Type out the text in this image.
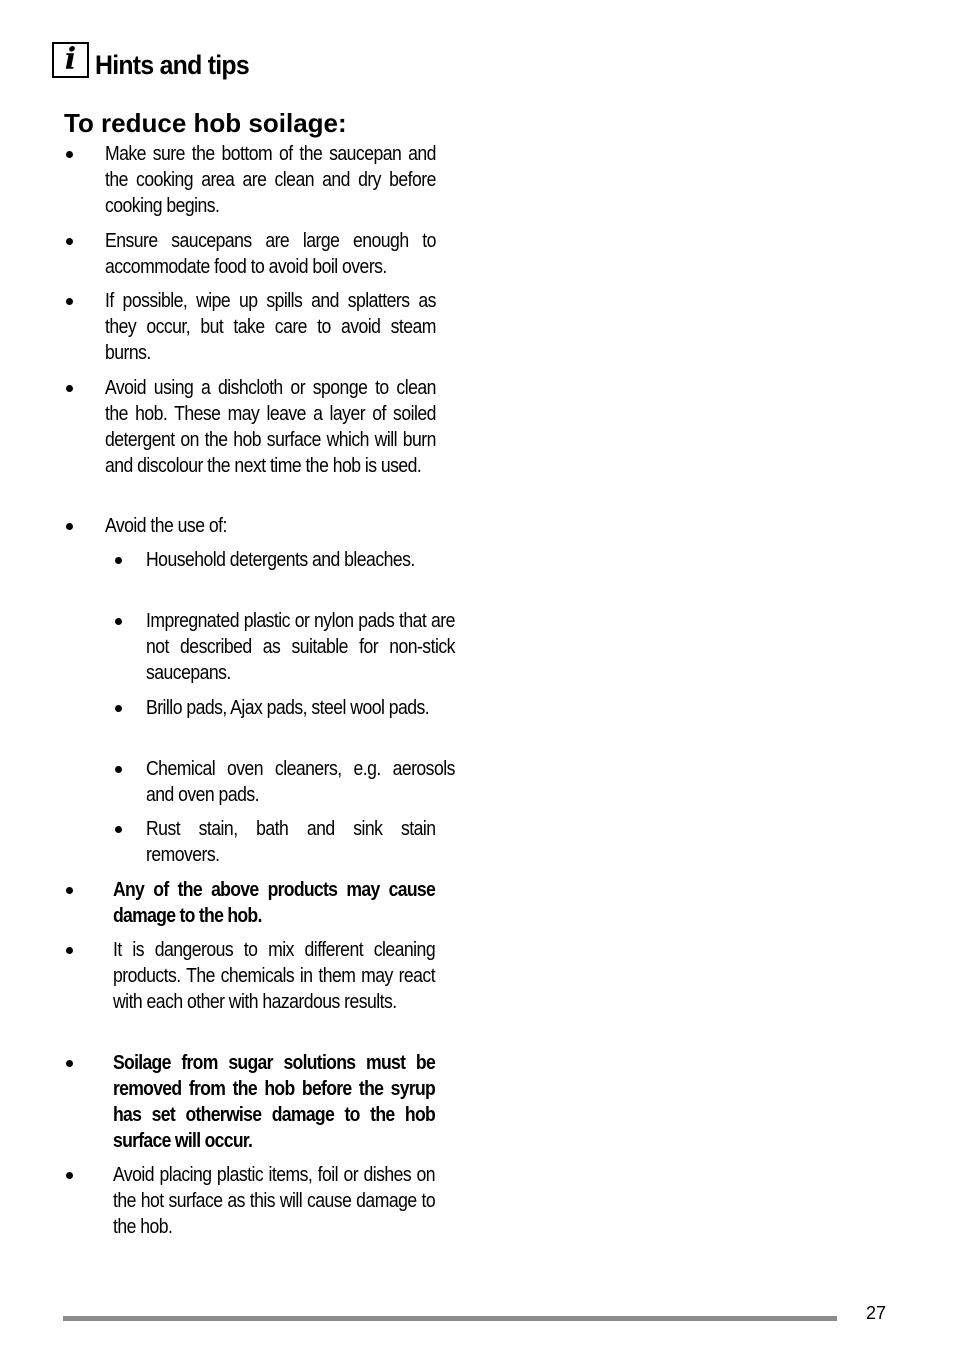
i Hints and tips
To reduce hob soilage:
Make sure the bottom of the saucepan and the cooking area are clean and dry before cooking begins.
Ensure saucepans are large enough to accommodate food to avoid boil overs.
If possible, wipe up spills and splatters as they occur, but take care to avoid steam burns.
Avoid using a dishcloth or sponge to clean the hob. These may leave a layer of soiled detergent on the hob surface which will burn and discolour the next time the hob is used.
Avoid the use of:
Household detergents and bleaches.
Impregnated plastic or nylon pads that are not described as suitable for non-stick saucepans.
Brillo pads, Ajax pads, steel wool pads.
Chemical oven cleaners, e.g. aerosols and oven pads.
Rust stain, bath and sink stain removers.
Any of the above products may cause damage to the hob.
It is dangerous to mix different cleaning products. The chemicals in them may react with each other with hazardous results.
Soilage from sugar solutions must be removed from the hob before the syrup has set otherwise damage to the hob surface will occur.
Avoid placing plastic items, foil or dishes on the hot surface as this will cause damage to the hob.
27
